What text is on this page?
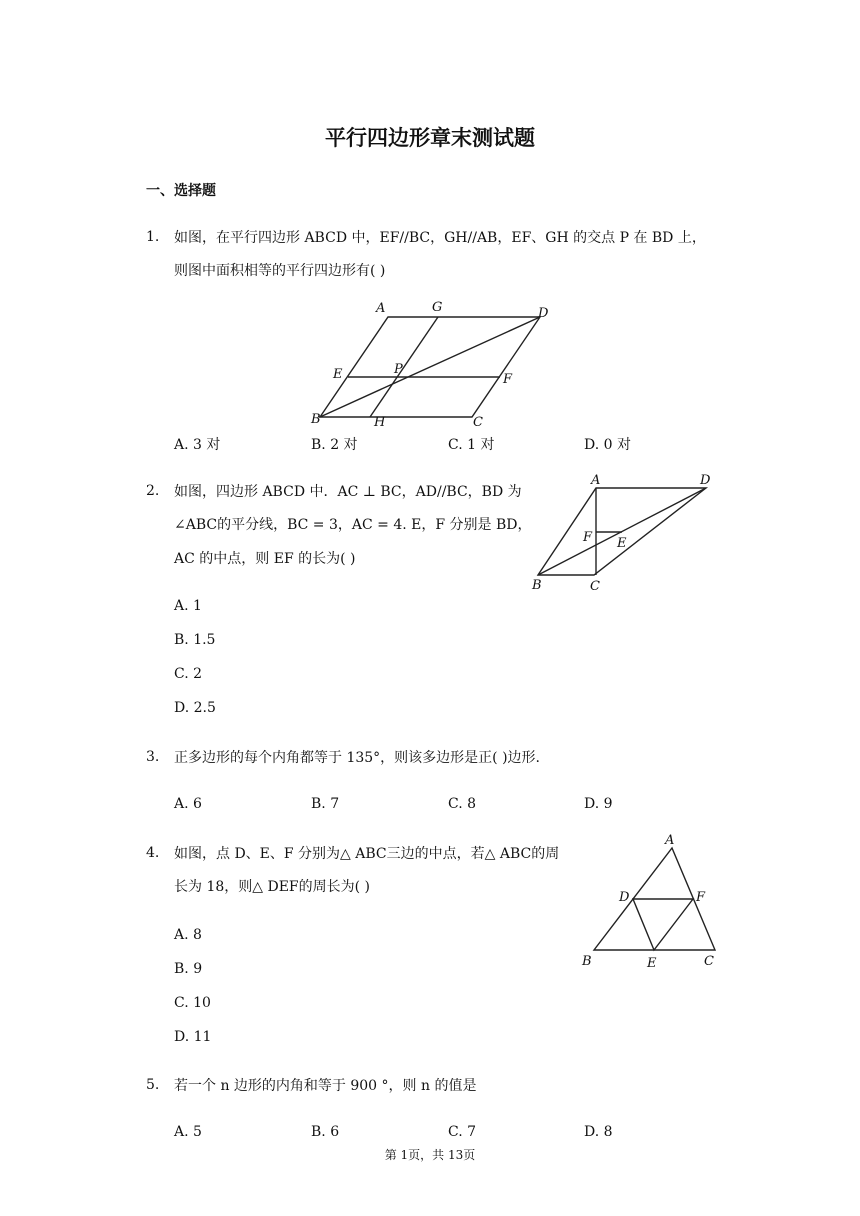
平行四边形章末测试题
一、选择题
1. 如图，在平行四边形 ABCD 中，EF//BC，GH//AB，EF、GH 的交点 P 在 BD 上，
则图中面积相等的平行四边形有( )
A	G	D
E	P
F
B	H	C
A. 3 对	B. 2 对	C. 1 对	D. 0 对
2. 如图，四边形 ABCD 中．AC ⊥ BC，AD//BC，BD 为
∠ABC的平分线，BC = 3，AC = 4. E，F 分别是 BD，
AC 的中点，则 EF 的长为( )
A	D
F E
B	C
A. 1
B. 1.5
C. 2
D. 2.5
3. 正多边形的每个内角都等于 135°，则该多边形是正( )边形.
A. 6	B. 7	C. 8	D. 9
4. 如图，点 D、E、F 分别为△ ABC三边的中点，若△ ABC的周
长为 18，则△ DEF的周长为( )
A
D	F
B	E	C
A. 8
B. 9
C. 10
D. 11
5. 若一个 n 边形的内角和等于 900 °，则 n 的值是
A. 5	B. 6	C. 7	D. 8
第 1页，共 13页
